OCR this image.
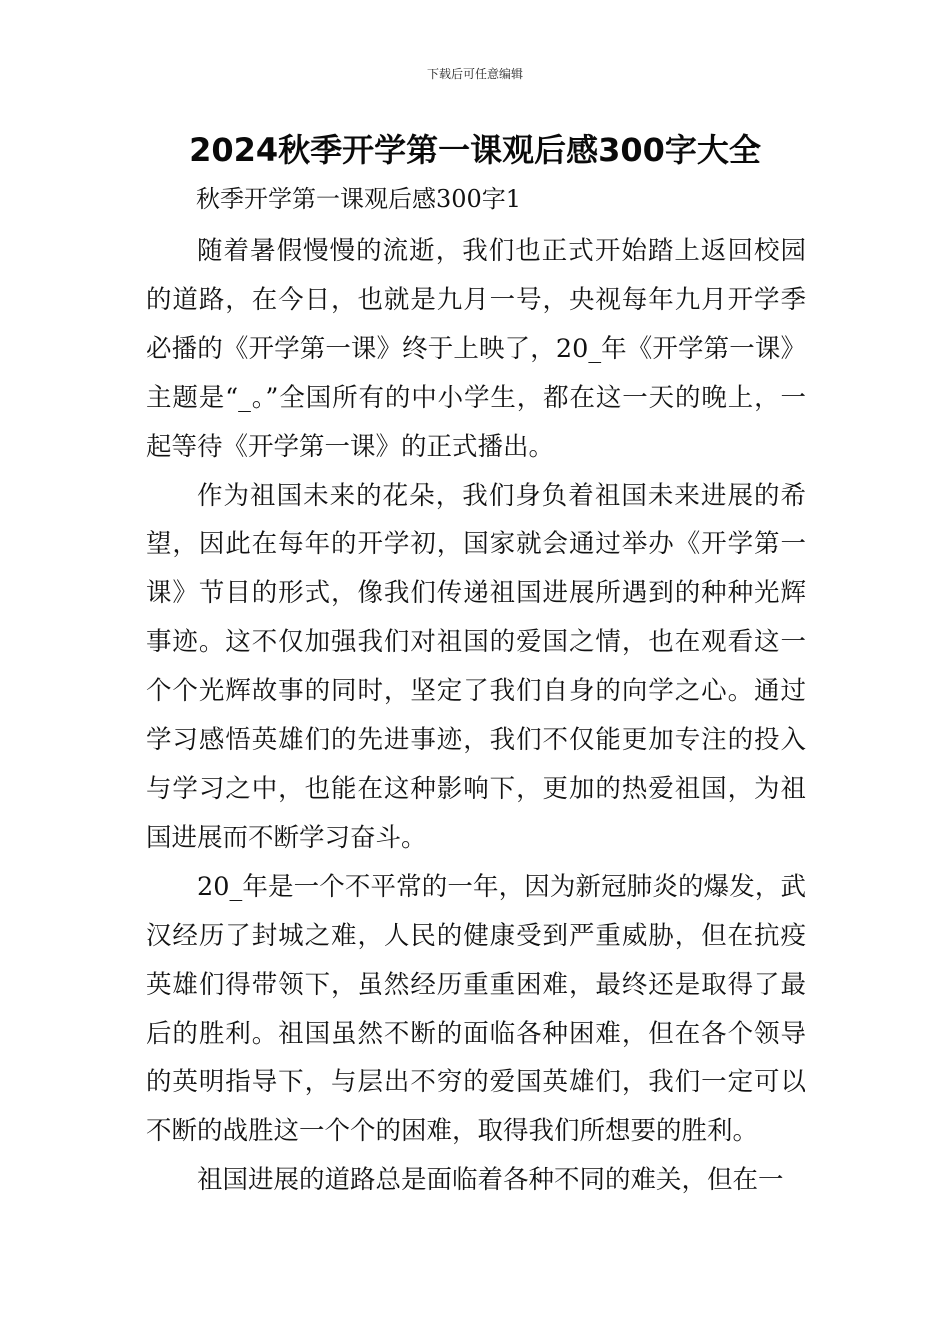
下载后可任意编辑
2024秋季开学第一课观后感300字大全

秋季开学第一课观后感300字1

随着暑假慢慢的流逝，我们也正式开始踏上返回校园的道路，在今日，也就是九月一号，央视每年九月开学季必播的《开学第一课》终于上映了，20_年《开学第一课》主题是“_。”全国所有的中小学生，都在这一天的晚上，一起等待《开学第一课》的正式播出。

作为祖国未来的花朵，我们身负着祖国未来进展的希望，因此在每年的开学初，国家就会通过举办《开学第一课》节目的形式，像我们传递祖国进展所遇到的种种光辉事迹。这不仅加强我们对祖国的爱国之情，也在观看这一个个光辉故事的同时，坚定了我们自身的向学之心。通过学习感悟英雄们的先进事迹，我们不仅能更加专注的投入与学习之中，也能在这种影响下，更加的热爱祖国，为祖国进展而不断学习奋斗。

20_年是一个不平常的一年，因为新冠肺炎的爆发，武汉经历了封城之难，人民的健康受到严重威胁，但在抗疫英雄们得带领下，虽然经历重重困难，最终还是取得了最后的胜利。祖国虽然不断的面临各种困难，但在各个领导的英明指导下，与层出不穷的爱国英雄们，我们一定可以不断的战胜这一个个的困难，取得我们所想要的胜利。

祖国进展的道路总是面临着各种不同的难关，但在一
